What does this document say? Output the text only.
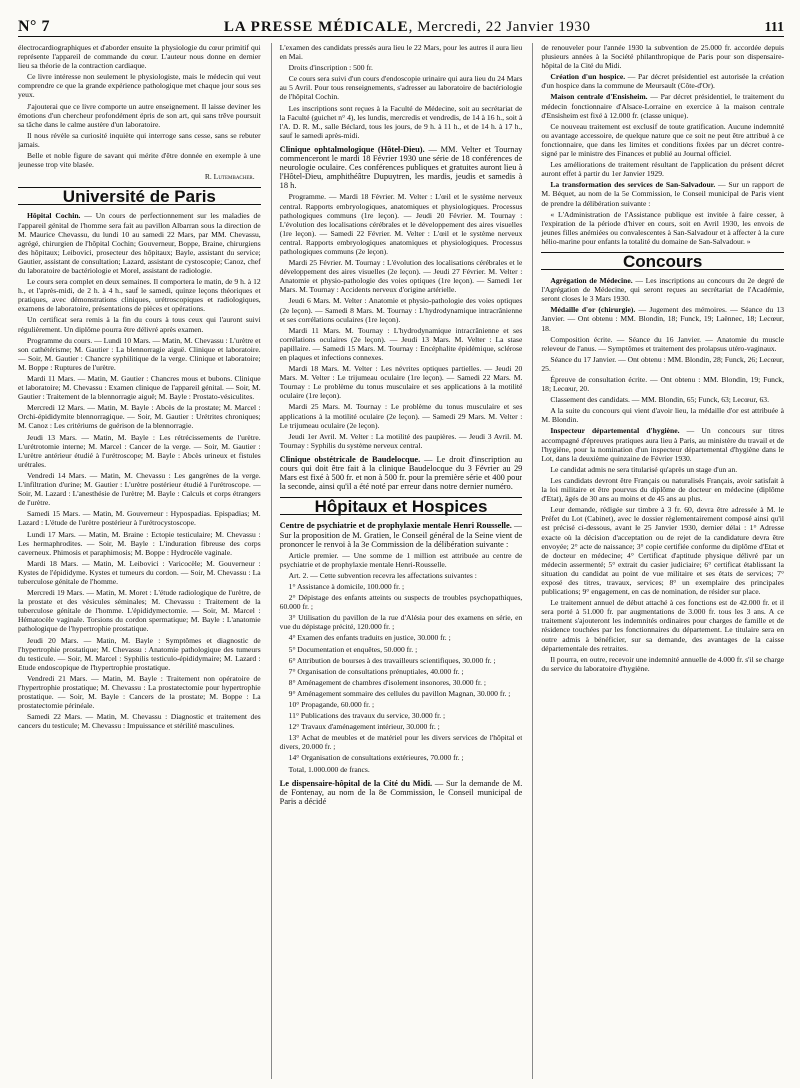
N° 7	LA PRESSE MÉDICALE, Mercredi, 22 Janvier 1930	111

électrocardiographiques et d'aborder ensuite la physiologie du cœur primitif qui représente l'appareil de commande du cœur. L'auteur nous donne en dernier lieu sa théorie de la contraction cardiaque.

Ce livre intéresse non seulement le physiologiste, mais le médecin qui veut comprendre ce que la grande expérience pathologique met chaque jour sous ses yeux.

J'ajouterai que ce livre comporte un autre enseignement. Il laisse deviner les émotions d'un chercheur profondément épris de son art, qui sans trêve poursuit sa tâche dans le calme austère d'un laboratoire.

Il nous révèle sa curiosité inquiète qui interroge sans cesse, sans se rebuter jamais.

Belle et noble figure de savant qui mérite d'être donnée en exemple à une jeunesse trop vite blasée.

R. Lutembacher.

Université de Paris

Hôpital Cochin. — Un cours de perfectionnement sur les maladies de l'appareil génital de l'homme sera fait au pavillon Albarran sous la direction de M. Maurice Chevassu, du lundi 10 au samedi 22 Mars, par MM. Chevassu, agrégé, chirurgien de l'hôpital Cochin; Gouverneur, Boppe, Braine, chirurgiens des hôpitaux; Leibovici, prosecteur des hôpitaux; Bayle, assistant du service; Gautier, assistant de consultation; Lazard, assistant de cystoscopie; Canoz, chef du laboratoire de bactériologie et Morel, assistant de radiologie.

Le cours sera complet en deux semaines. Il comportera le matin, de 9 h. à 12 h., et l'après-midi, de 2 h. à 4 h., sauf le samedi, quinze leçons théoriques et pratiques, avec démonstrations cliniques, urétroscopiques et radiologiques, examens de laboratoire, présentations de pièces et opérations.

Un certificat sera remis à la fin du cours à tous ceux qui l'auront suivi régulièrement. Un diplôme pourra être délivré après examen.

Programme du cours. — Lundi 10 Mars. — Matin, M. Chevassu : L'urètre et son cathétérisme; M. Gautier : La blennorragie aiguë. Clinique et laboratoire. — Soir, M. Gautier : Chancre syphilitique de la verge. Clinique et laboratoire; M. Boppe : Ruptures de l'urètre.

Mardi 11 Mars. — Matin, M. Gautier : Chancres mous et bubons. Clinique et laboratoire; M. Chevassu : Examen clinique de l'appareil génital. — Soir, M. Gautier : Traitement de la blennorragie aiguë; M. Bayle : Prostato-vésiculites.

Mercredi 12 Mars. — Matin, M. Bayle : Abcès de la prostate; M. Marcel : Orchi-épididymite blennorragique. — Soir, M. Gautier : Urétrites chroniques; M. Canoz : Les critériums de guérison de la blennorragie.

Jeudi 13 Mars. — Matin, M. Bayle : Les rétrécissements de l'urètre. L'urétrotomie interne; M. Marcel : Cancer de la verge. — Soir, M. Gautier : L'urètre antérieur étudié à l'urétroscope; M. Bayle : Abcès urineux et fistules urétrales.

Vendredi 14 Mars. — Matin, M. Chevassu : Les gangrènes de la verge. L'infiltration d'urine; M. Gautier : L'urètre postérieur étudié à l'urétroscope. — Soir, M. Lazard : L'anesthésie de l'urètre; M. Bayle : Calculs et corps étrangers de l'urètre.

Samedi 15 Mars. — Matin, M. Gouverneur : Hypospadias. Epispadias; M. Lazard : L'étude de l'urètre postérieur à l'urétrocystoscope.

Lundi 17 Mars. — Matin, M. Braine : Ectopie testiculaire; M. Chevassu : Les hermaphrodites. — Soir, M. Bayle : L'induration fibreuse des corps caverneux. Phimosis et paraphimosis; M. Boppe : Hydrocèle vaginale.

Mardi 18 Mars. — Matin, M. Leibovici : Varicocèle; M. Gouverneur : Kystes de l'épididyme. Kystes et tumeurs du cordon. — Soir, M. Chevassu : La tuberculose génitale de l'homme.

Mercredi 19 Mars. — Matin, M. Moret : L'étude radiologique de l'urètre, de la prostate et des vésicules séminales; M. Chevassu : Traitement de la tuberculose génitale de l'homme. L'épididymectomie. — Soir, M. Marcel : Hématocèle vaginale. Torsions du cordon spermatique; M. Bayle : L'anatomie pathologique de l'hypertrophie prostatique.

Jeudi 20 Mars. — Matin, M. Bayle : Symptômes et diagnostic de l'hypertrophie prostatique; M. Chevassu : Anatomie pathologique des tumeurs du testicule. — Soir, M. Marcel : Syphilis testiculo-épididymaire; M. Lazard : Etude endoscopique de l'hypertrophie prostatique.

Vendredi 21 Mars. — Matin, M. Bayle : Traitement non opératoire de l'hypertrophie prostatique; M. Chevassu : La prostatectomie pour hypertrophie prostatique. — Soir, M. Bayle : Cancers de la prostate; M. Boppe : La prostatectomie périnéale.

Samedi 22 Mars. — Matin, M. Chevassu : Diagnostic et traitement des cancers du testicule; M. Chevassu : Impuissance et stérilité masculines.

L'examen des candidats pressés aura lieu le 22 Mars, pour les autres il aura lieu en Mai.

Droits d'inscription : 500 fr.

Ce cours sera suivi d'un cours d'endoscopie urinaire qui aura lieu du 24 Mars au 5 Avril. Pour tous renseignements, s'adresser au laboratoire de bactériologie de l'hôpital Cochin.

Les inscriptions sont reçues à la Faculté de Médecine, soit au secrétariat de la Faculté (guichet n° 4), les lundis, mercredis et vendredis, de 14 à 16 h., soit à l'A. D. R. M., salle Béclard, tous les jours, de 9 h. à 11 h., et de 14 h. à 17 h., sauf le samedi après-midi.

Clinique ophtalmologique (Hôtel-Dieu). — MM. Velter et Tournay commenceront le mardi 18 Février 1930 une série de 18 conférences de neurologie oculaire. Ces conférences publiques et gratuites auront lieu à l'Hôtel-Dieu, amphithéâtre Dupuytren, les mardis, jeudis et samedis à 18 h.

Programme. — Mardi 18 Février. M. Velter : L'œil et le système nerveux central. Rapports embryologiques, anatomiques et physiologiques. Processus pathologiques communs (1re leçon). — Jeudi 20 Février. M. Tournay : L'évolution des localisations cérébrales et le développement des aires visuelles (1re leçon). — Samedi 22 Février. M. Velter : L'œil et le système nerveux central. Rapports embryologiques anatomiques et physiologiques. Processus pathologiques communs (2e leçon).

Mardi 25 Février. M. Tournay : L'évolution des localisations cérébrales et le développement des aires visuelles (2e leçon). — Jeudi 27 Février. M. Velter : Anatomie et physio-pathologie des voies optiques (1re leçon). — Samedi 1er Mars. M. Tournay : Accidents nerveux d'origine artérielle.

Jeudi 6 Mars. M. Velter : Anatomie et physio-pathologie des voies optiques (2e leçon). — Samedi 8 Mars. M. Tournay : L'hydrodynamique intracrânienne et ses corrélations oculaires (1re leçon).

Mardi 11 Mars. M. Tournay : L'hydrodynamique intracrânienne et ses corrélations oculaires (2e leçon). — Jeudi 13 Mars. M. Velter : La stase papillaire. — Samedi 15 Mars. M. Tournay : Encéphalite épidémique, sclérose en plaques et infections connexes.

Mardi 18 Mars. M. Velter : Les névrites optiques partielles. — Jeudi 20 Mars. M. Velter : Le trijumeau oculaire (1re leçon). — Samedi 22 Mars. M. Tournay : Le problème du tonus musculaire et ses applications à la motilité oculaire (1re leçon).

Mardi 25 Mars. M. Tournay : Le problème du tonus musculaire et ses applications à la motilité oculaire (2e leçon). — Samedi 29 Mars. M. Velter : Le trijumeau oculaire (2e leçon).

Jeudi 1er Avril. M. Velter : La motilité des paupières. — Jeudi 3 Avril. M. Tournay : Syphilis du système nerveux central.

Clinique obstétricale de Baudelocque. — Le droit d'inscription au cours qui doit être fait à la clinique Baudelocque du 3 Février au 29 Mars est fixé à 500 fr. et non à 500 fr. pour la première série et 400 pour la seconde, ainsi qu'il a été noté par erreur dans notre dernier numéro.
Hôpitaux et Hospices
Centre de psychiatrie et de prophylaxie mentale Henri Rousselle. — Sur la proposition de M. Gratien, le Conseil général de la Seine vient de prononcer le renvoi à la 3e Commission de la délibération suivante :

Article premier. — Une somme de 1 million est attribuée au centre de psychiatrie et de prophylaxie mentale Henri-Rousselle.

Art. 2. — Cette subvention recevra les affectations suivantes :

1° Assistance à domicile, 100.000 fr. ;

2° Dépistage des enfants atteints ou suspects de troubles psychopathiques, 60.000 fr. ;

3° Utilisation du pavillon de la rue d'Alésia pour des examens en série, en vue du dépistage précité, 120.000 fr. ;

4° Examen des enfants traduits en justice, 30.000 fr. ;

5° Documentation et enquêtes, 50.000 fr. ;

6° Attribution de bourses à des travailleurs scientifiques, 30.000 fr. ;

7° Organisation de consultations prénuptiales, 40.000 fr. ;

8° Aménagement de chambres d'isolement insonores, 30.000 fr. ;

9° Aménagement sommaire des cellules du pavillon Magnan, 30.000 fr. ;

10° Propagande, 60.000 fr. ;

11° Publications des travaux du service, 30.000 fr. ;

12° Travaux d'aménagement intérieur, 30.000 fr. ;

13° Achat de meubles et de matériel pour les divers services de l'hôpital et divers, 20.000 fr. ;

14° Organisation de consultations extérieures, 70.000 fr. ;

Total, 1.000.000 de francs.

Le dispensaire-hôpital de la Cité du Midi. — Sur la demande de M. de Fontenay, au nom de la 8e Commission, le Conseil municipal de Paris a décidé

de renouveler pour l'année 1930 la subvention de 25.000 fr. accordée depuis plusieurs années à la Société philanthropique de Paris pour son dispensaire-hôpital de la Cité du Midi.

Création d'un hospice. — Par décret présidentiel est autorisée la création d'un hospice dans la commune de Meursault (Côte-d'Or).

Maison centrale d'Ensisheim. — Par décret présidentiel, le traitement du médecin fonctionnaire d'Alsace-Lorraine en exercice à la maison centrale d'Ensisheim est fixé à 12.000 fr. (classe unique).

Ce nouveau traitement est exclusif de toute gratification. Aucune indemnité ou avantage accessoire, de quelque nature que ce soit ne peut être attribué à ce fonctionnaire, que dans les limites et conditions fixées par un décret contre-signé par le ministre des Finances et publié au Journal officiel.

Les améliorations de traitement résultant de l'application du présent décret auront effet à partir du 1er Janvier 1929.

La transformation des services de San-Salvadour. — Sur un rapport de M. Béquet, au nom de la 5e Commission, le Conseil municipal de Paris vient de prendre la délibération suivante :

« L'Administration de l'Assistance publique est invitée à faire cesser, à l'expiration de la période d'hiver en cours, soit en Avril 1930, les envois de jeunes filles anémiées ou convalescentes à San-Salvadour et à affecter à la cure hélio-marine pour enfants la totalité du domaine de San-Salvadour. »

Concours

Agrégation de Médecine. — Les inscriptions au concours du 2e degré de l'Agrégation de Médecine, qui seront reçues au secrétariat de l'Académie, seront closes le 3 Mars 1930.

Médaille d'or (chirurgie). — Jugement des mémoires. — Séance du 13 Janvier. — Ont obtenu : MM. Blondin, 18; Funck, 19; Laënnec, 18; Lecœur, 18.

Composition écrite. — Séance du 16 Janvier. — Anatomie du muscle releveur de l'anus. — Symptômes et traitement des prolapsus utéro-vaginaux.

Séance du 17 Janvier. — Ont obtenu : MM. Blondin, 28; Funck, 26; Lecœur, 25.

Épreuve de consultation écrite. — Ont obtenu : MM. Blondin, 19; Funck, 18; Lecœur, 20.

Classement des candidats. — MM. Blondin, 65; Funck, 63; Lecœur, 63.

A la suite du concours qui vient d'avoir lieu, la médaille d'or est attribuée à M. Blondin.

Inspecteur départemental d'hygiène. — Un concours sur titres accompagné d'épreuves pratiques aura lieu à Paris, au ministère du travail et de l'hygiène, pour la nomination d'un inspecteur départemental d'hygiène dans le Lot, dans la deuxième quinzaine de Février 1930.

Le candidat admis ne sera titularisé qu'après un stage d'un an.

Les candidats devront être Français ou naturalisés Français, avoir satisfait à la loi militaire et être pourvus du diplôme de docteur en médecine (diplôme d'Etat), âgés de 30 ans au moins et de 45 ans au plus.

Leur demande, rédigée sur timbre à 3 fr. 60, devra être adressée à M. le Préfet du Lot (Cabinet), avec le dossier réglementairement composé ainsi qu'il est précisé ci-dessous, avant le 25 Janvier 1930, dernier délai : 1° Adresse exacte où la décision d'acceptation ou de rejet de la candidature devra être envoyée; 2° acte de naissance; 3° copie certifiée conforme du diplôme d'Etat et de docteur en médecine; 4° Certificat d'aptitude physique délivré par un médecin assermenté; 5° extrait du casier judiciaire; 6° certificat établissant la situation du candidat au point de vue militaire et ses états de services; 7° exposé des titres, travaux, services; 8° un exemplaire des principales publications; 9° engagement, en cas de nomination, de résider sur place.

Le traitement annuel de début attaché à ces fonctions est de 42.000 fr. et il sera porté à 51.000 fr. par augmentations de 3.000 fr. tous les 3 ans. A ce traitement s'ajouteront les indemnités ordinaires pour charges de famille et de résidence touchées par les fonctionnaires du département. Le titulaire sera en outre admis à bénéficier, sur sa demande, des avantages de la caisse départementale des retraites.

Il pourra, en outre, recevoir une indemnité annuelle de 4.000 fr. s'il se charge du service du laboratoire d'hygiène.
